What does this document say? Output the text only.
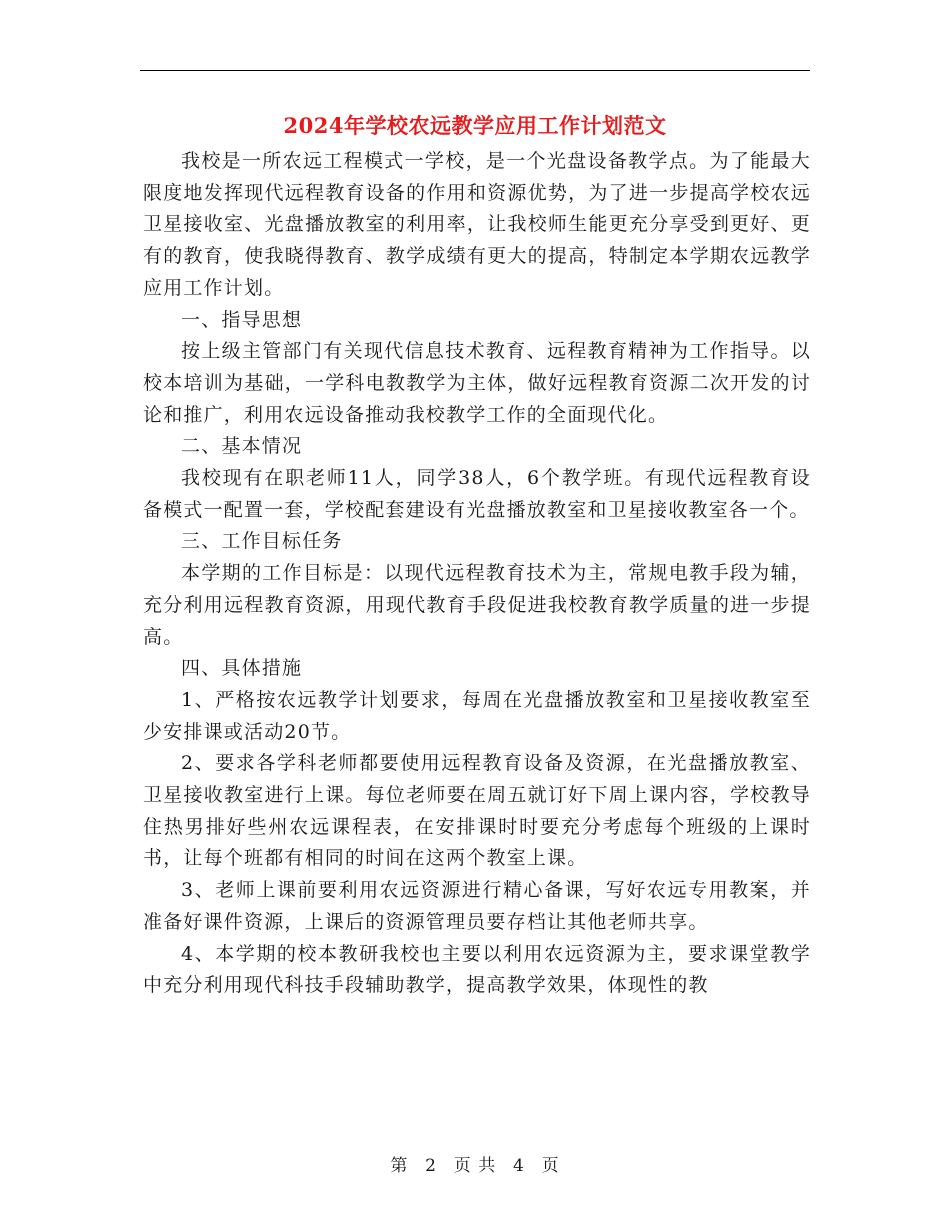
2024年学校农远教学应用工作计划范文

我校是一所农远工程模式一学校，是一个光盘设备教学点。为了能最大限度地发挥现代远程教育设备的作用和资源优势，为了进一步提高学校农远卫星接收室、光盘播放教室的利用率，让我校师生能更充分享受到更好、更有的教育，使我晓得教育、教学成绩有更大的提高，特制定本学期农远教学应用工作计划。

一、指导思想

按上级主管部门有关现代信息技术教育、远程教育精神为工作指导。以校本培训为基础，一学科电教教学为主体，做好远程教育资源二次开发的讨论和推广，利用农远设备推动我校教学工作的全面现代化。

二、基本情况

我校现有在职老师11人，同学38人，6个教学班。有现代远程教育设备模式一配置一套，学校配套建设有光盘播放教室和卫星接收教室各一个。

三、工作目标任务

本学期的工作目标是：以现代远程教育技术为主，常规电教手段为辅，充分利用远程教育资源，用现代教育手段促进我校教育教学质量的进一步提高。

四、具体措施

1、严格按农远教学计划要求，每周在光盘播放教室和卫星接收教室至少安排课或活动20节。

2、要求各学科老师都要使用远程教育设备及资源，在光盘播放教室、卫星接收教室进行上课。每位老师要在周五就订好下周上课内容，学校教导住热男排好些州农远课程表，在安排课时时要充分考虑每个班级的上课时书，让每个班都有相同的时间在这两个教室上课。

3、老师上课前要利用农远资源进行精心备课，写好农远专用教案，并准备好课件资源，上课后的资源管理员要存档让其他老师共享。

4、本学期的校本教研我校也主要以利用农远资源为主，要求课堂教学中充分利用现代科技手段辅助教学，提高教学效果，体现性的教

第 2 页 共 4 页
